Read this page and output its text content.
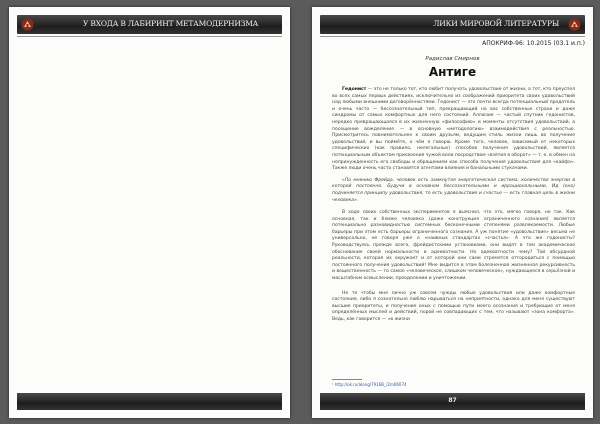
У ВХОДА В ЛАБИРИНТ МЕТАМОДЕРНИЗМА	ЛИКИ МИРОВОЙ ЛИТЕРАТУРЫ
АПОКРИФ-96: 10.2015 (03.1 и.п.)
Радислав Смирнов
Антиге

Гедонист — это не только тот, кто любит получать удовольствие от жизни, а тот, кто преуспел во всех самых первых действиях, исключительно из соображений приоритета своих удовольствий над любыми внешними договорённостями. Гедонист — это почти всегда потенциальный предатель и очень часто — бессознательный тип, прекращающий на вас собственные страхи и даже синдромы от самых комфортных для него состояний. Аллюзия — частый спутник гедонистов, нередко превращающаяся в их жизненную «философию» и моменты отсутствия удовольствий, а посещение вожделения — в основную «методологию» взаимодействия с реальностью. Присмотритесь повнимательнее к своим друзьям, ведущим стиль жизни лишь во получение удовольствий, и вы поймёте, о чём я говорю. Кроме того, человек, зависимый от некоторых специфических (как правило, нелегальных) способов получения удовольствий, является потенциальным объектом присвоения чужой воли посредством «взятия в оборот» — т. е. в обмен на непринужденность его свободы и обращением как способа получения удовольствия для «кайфа». Также люди очень часто становятся агентами влияния и банальными стукачами.

«По мнению Фрейда, человек есть замкнутая энергетическая система, количество энергии в которой постоянно. Будучи в основном бессознательными и иррациональными, Ид (оно) подчиняется принципу удовольствия, то есть удовольствие и счастье — есть главная цель в жизни человека».

В ходе своих собственных экспериментов я выяснил, что это, мягко говоря, не так. Как основная, так и ближе человека (даже конструкция ограниченного сознания) является потенциально разновидностью системных бесконечными степенями развлекаемости. Любые барьеры при этом есть барьеры ограниченного сознания. А уж понятие «удовольствие» весьма не универсально, не говоря уже о «наивных стандартах «счастья». А что же гедонисты? Руководствуясь прежде всего, фрейдистскими установками, они видят в том академическое обоснование своей нормальности и адекватности. Но адекватности чему? Той абсурдной реальности, которая их окружает и от которой они сами стремятся отгородиться с помощью постоянного получения удовольствий! Мне видится в этом болезненная жизненная рекурсивность и вещественность — то самое «человеческое, слишком человеческое», нуждающееся в серьёзной и масштабном осмыслении, преодолении и уничтожении.

Не то чтобы мне лично уж совсем чужды любые удовольствия или даже комфортные состояния, либо я сознательно люблю нарываться на неприятности, однако для меня существуют высшие приоритеты, и получение оных с помощью пути моего осознания и требующие от меня определённых мыслей и действий, порой не совпадающих с тем, что называют «зона комфорта». Ведь, как говорится — «в жизни

¹ http://ok.ru/along/7916B_/2m06074
87
